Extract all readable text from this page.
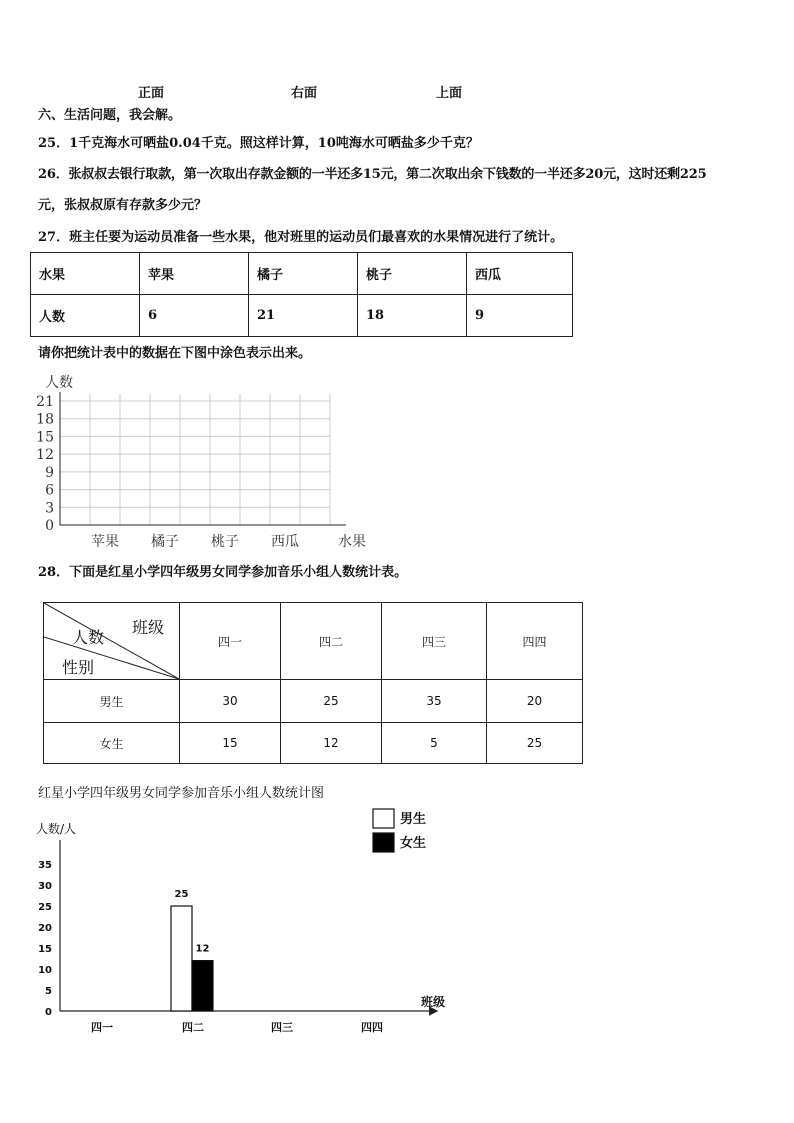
正面	右面	上面
六、生活问题，我会解。
25．1千克海水可晒盐0.04千克。照这样计算，10吨海水可晒盐多少千克？
26．张叔叔去银行取款，第一次取出存款金额的一半还多15元，第二次取出余下钱数的一半还多20元，这时还剩225
元，张叔叔原有存款多少元？
27．班主任要为运动员准备一些水果，他对班里的运动员们最喜欢的水果情况进行了统计。
水果	苹果	橘子	桃子	西瓜
人数	6	21	18	9
请你把统计表中的数据在下图中涂色表示出来。
人数
0
3
6
9
12
15
18
21
苹果 橘子 桃子 西瓜	水果
28．下面是红星小学四年级男女同学参加音乐小组人数统计表。
班级
人数
性别	四一	四二	四三	四四
男生	30	25	35	20
女生	15	12	5	25
红星小学四年级男女同学参加音乐小组人数统计图
人数/人
0
5
10
15
20
25
30
35
四一	四二	四三	四四
25
12
男生
女生
班级
